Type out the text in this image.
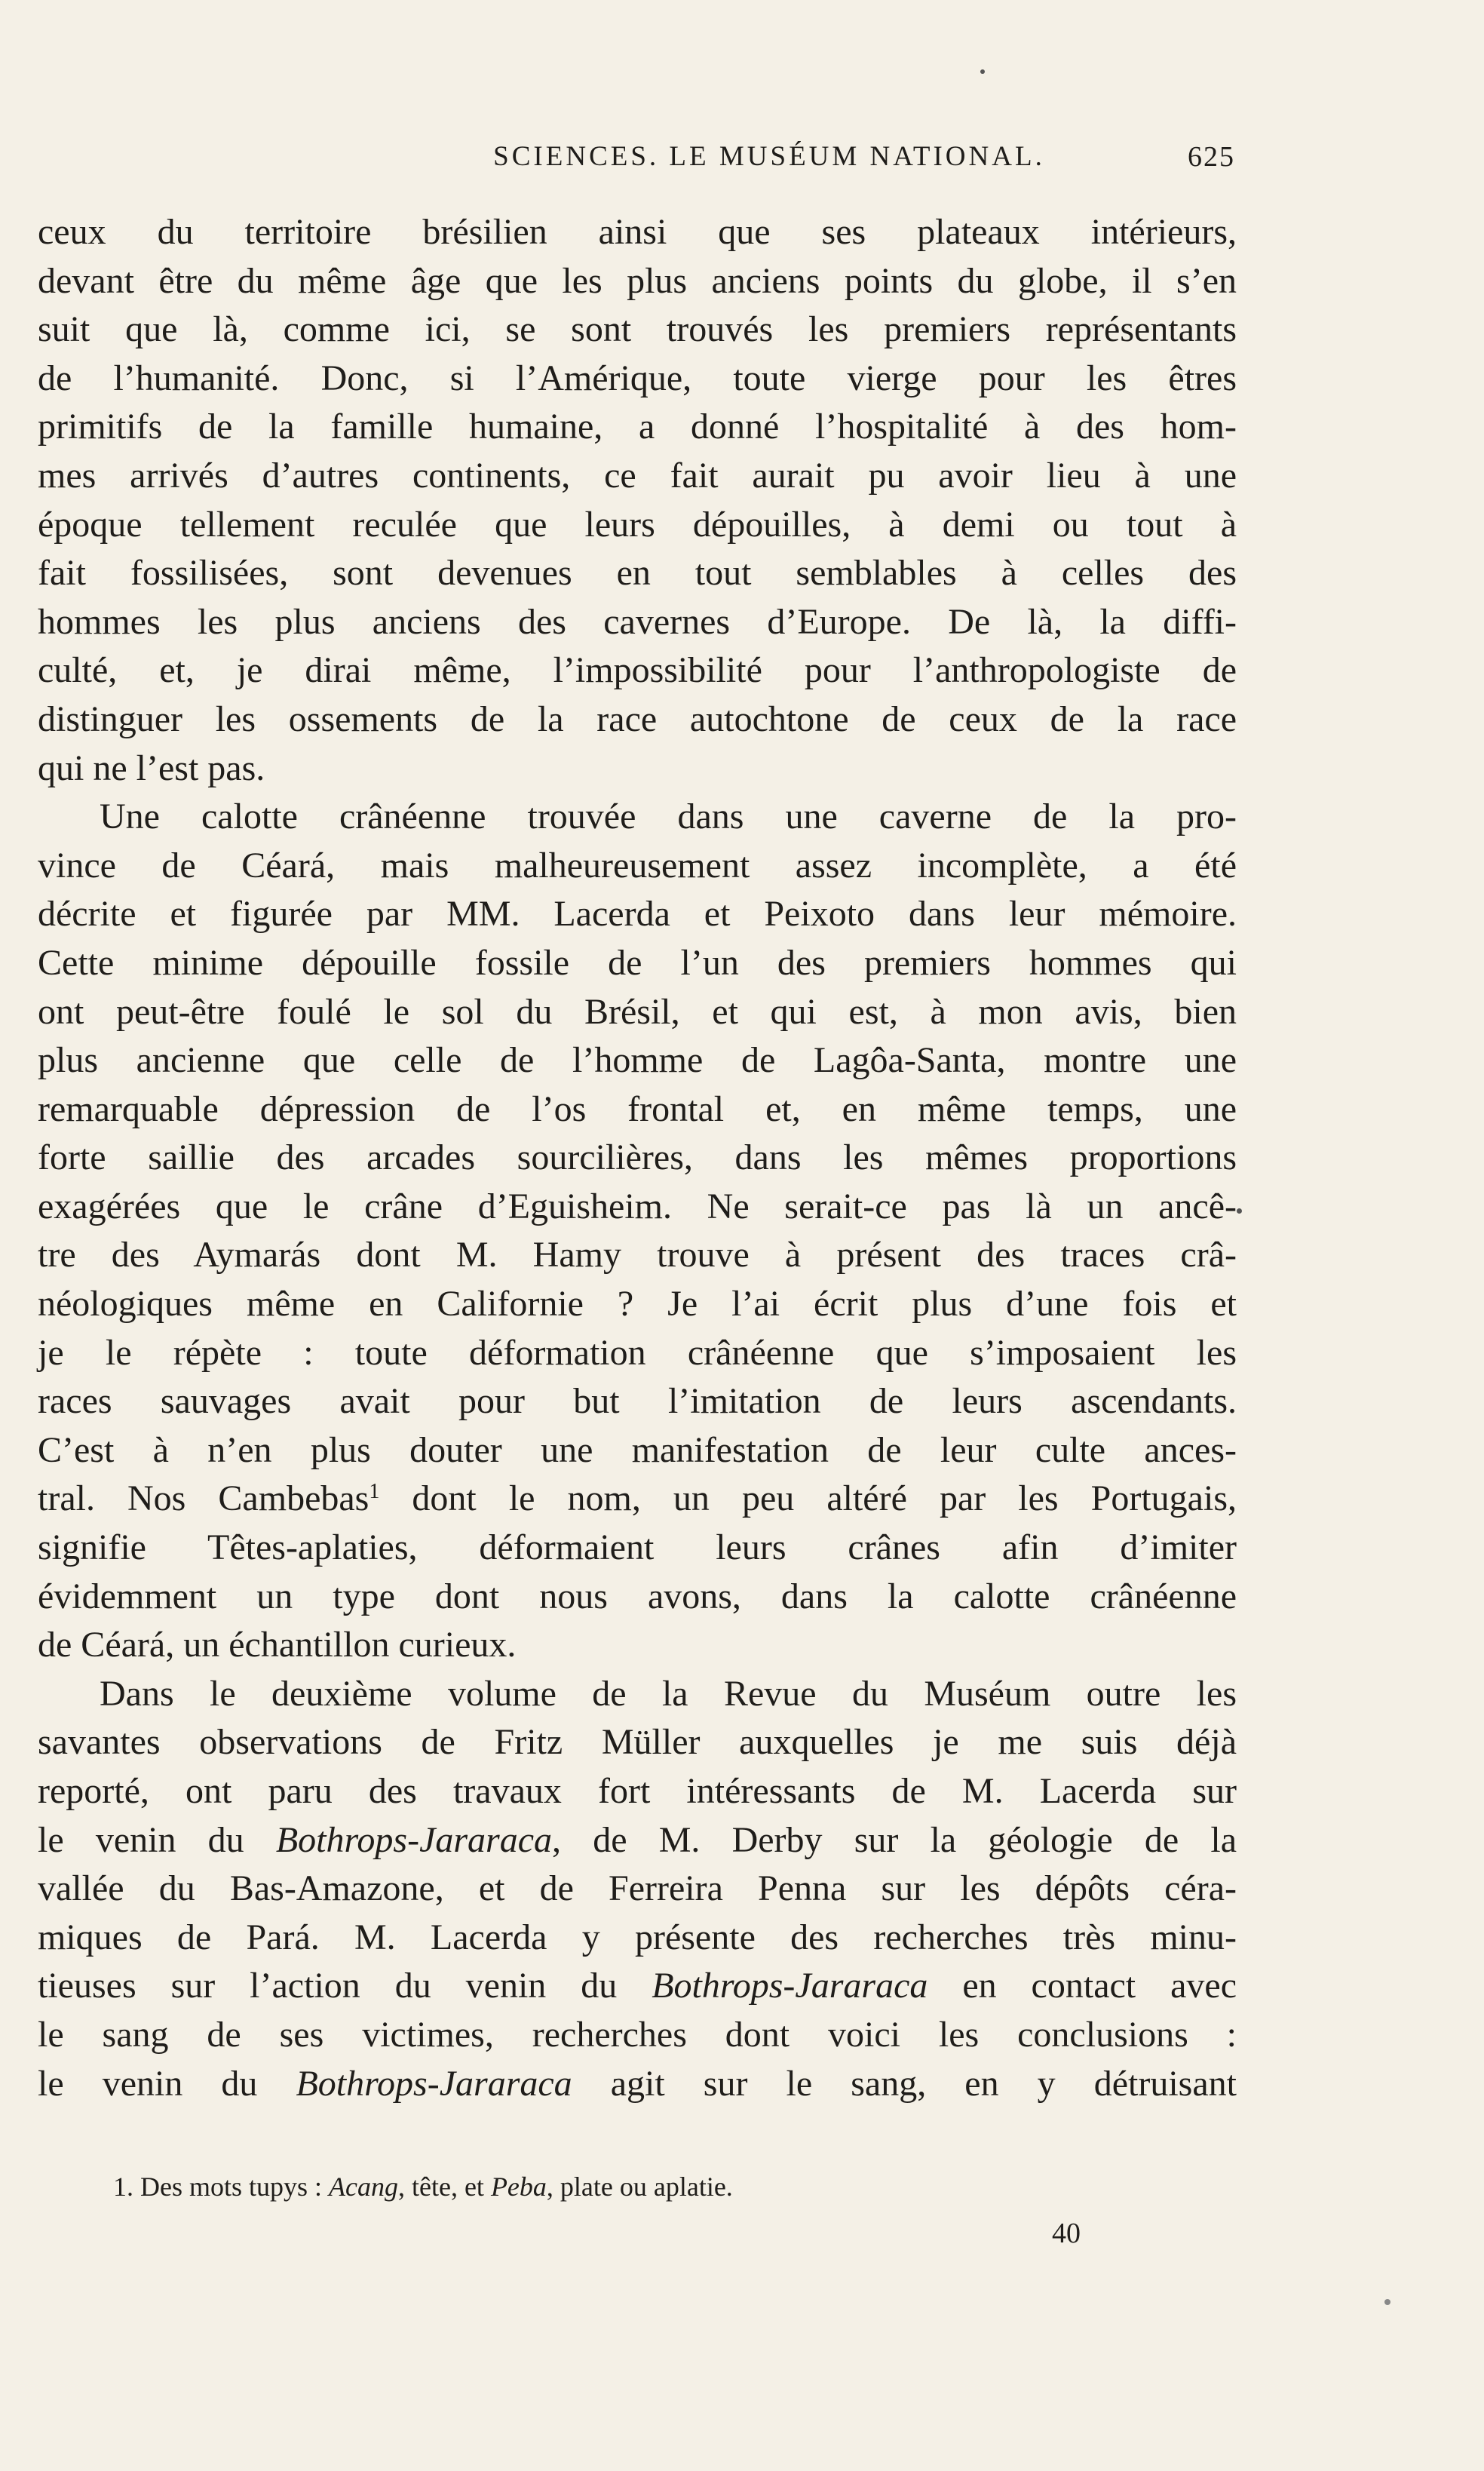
SCIENCES. LE MUSÉUM NATIONAL.	625
ceux du territoire brésilien ainsi que ses plateaux intérieurs,
devant être du même âge que les plus anciens points du globe, il s’en
suit que là, comme ici, se sont trouvés les premiers représentants
de l’humanité. Donc, si l’Amérique, toute vierge pour les êtres
primitifs de la famille humaine, a donné l’hospitalité à des hom-
mes arrivés d’autres continents, ce fait aurait pu avoir lieu à une
époque tellement reculée que leurs dépouilles, à demi ou tout à
fait fossilisées, sont devenues en tout semblables à celles des
hommes les plus anciens des cavernes d’Europe. De là, la diffi-
culté, et, je dirai même, l’impossibilité pour l’anthropologiste de
distinguer les ossements de la race autochtone de ceux de la race
qui ne l’est pas.
Une calotte crânéenne trouvée dans une caverne de la pro-
vince de Céará, mais malheureusement assez incomplète, a été
décrite et figurée par MM. Lacerda et Peixoto dans leur mémoire.
Cette minime dépouille fossile de l’un des premiers hommes qui
ont peut-être foulé le sol du Brésil, et qui est, à mon avis, bien
plus ancienne que celle de l’homme de Lagôa-Santa, montre une
remarquable dépression de l’os frontal et, en même temps, une
forte saillie des arcades sourcilières, dans les mêmes proportions
exagérées que le crâne d’Eguisheim. Ne serait-ce pas là un ancê-
tre des Aymarás dont M. Hamy trouve à présent des traces crâ-
néologiques même en Californie ? Je l’ai écrit plus d’une fois et
je le répète : toute déformation crânéenne que s’imposaient les
races sauvages avait pour but l’imitation de leurs ascendants.
C’est à n’en plus douter une manifestation de leur culte ances-
tral. Nos Cambebas$^1$ dont le nom, un peu altéré par les Portugais,
signifie Têtes-aplaties, déformaient leurs crânes afin d’imiter
évidemment un type dont nous avons, dans la calotte crânéenne
de Céará, un échantillon curieux.
Dans le deuxième volume de la Revue du Muséum outre les
savantes observations de Fritz Müller auxquelles je me suis déjà
reporté, ont paru des travaux fort intéressants de M. Lacerda sur
le venin du Bothrops-Jararaca, de M. Derby sur la géologie de la
vallée du Bas-Amazone, et de Ferreira Penna sur les dépôts céra-
miques de Pará. M. Lacerda y présente des recherches très minu-
tieuses sur l’action du venin du Bothrops-Jararaca en contact avec
le sang de ses victimes, recherches dont voici les conclusions :
le venin du Bothrops-Jararaca agit sur le sang, en y détruisant
1. Des mots tupys : Acang, tête, et Peba, plate ou aplatie.
40
